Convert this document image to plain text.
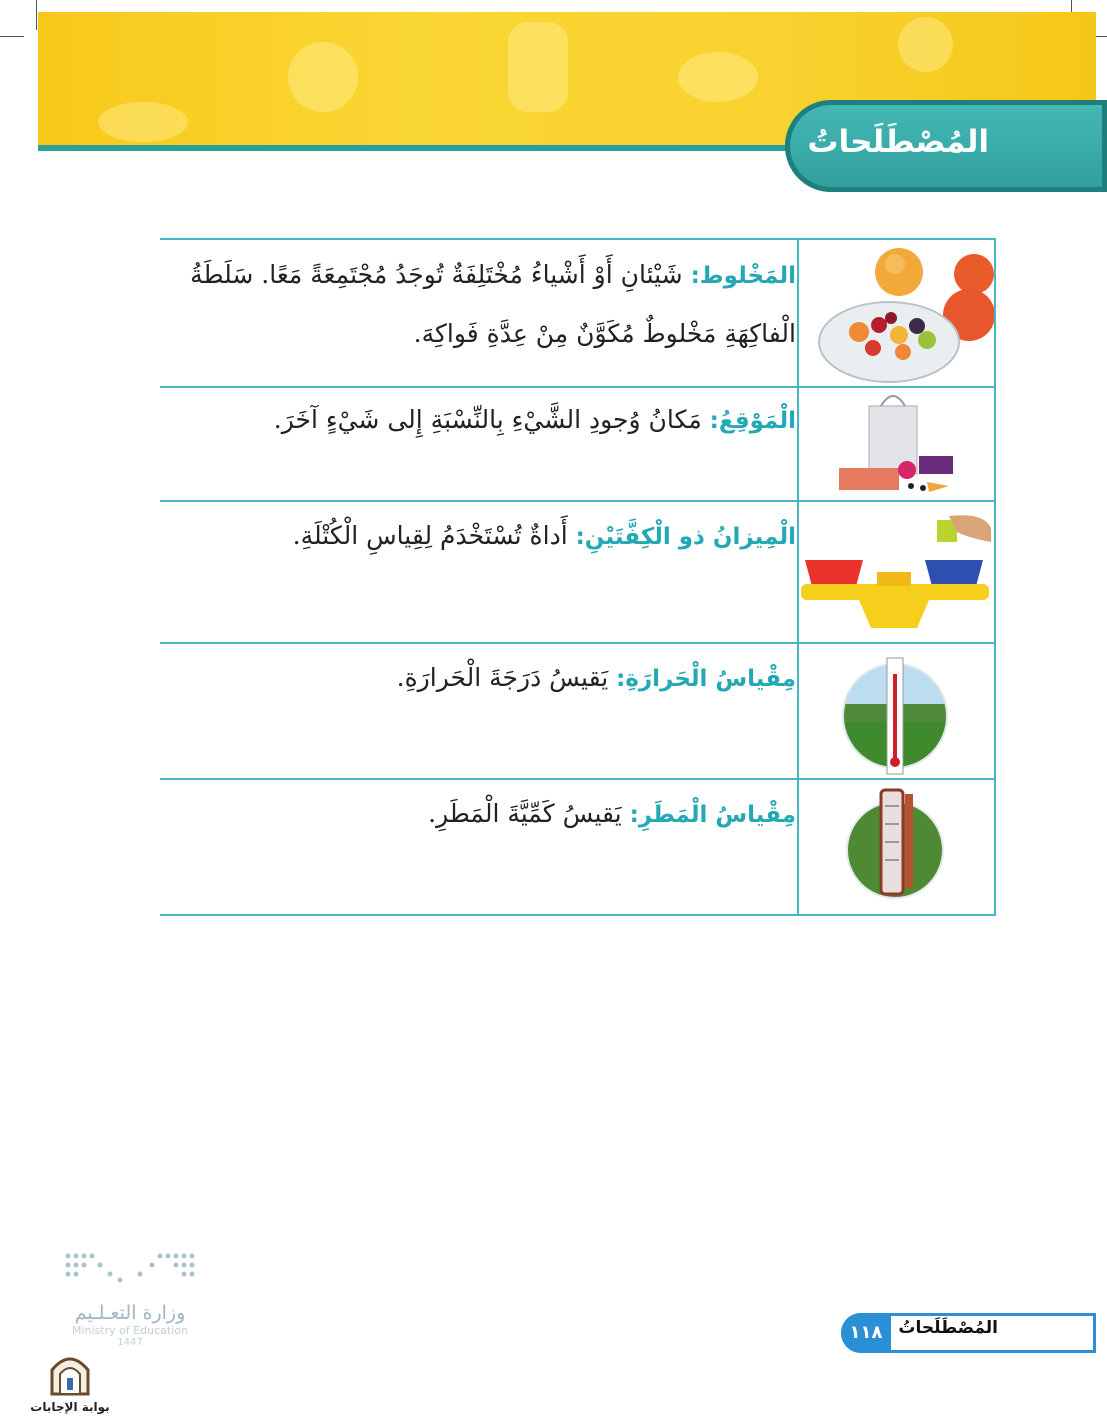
المُصْطَلَحاتُ
المَخْلوط: شَيْئانِ أَوْ أَشْياءُ مُخْتَلِفَةٌ تُوجَدُ مُجْتَمِعَةً مَعًا. سَلَطَةُ الْفاكِهَةِ مَخْلوطٌ مُكَوَّنٌ مِنْ عِدَّةِ فَواكِهَ.
الْمَوْقِعُ: مَكانُ وُجودِ الشَّيْءِ بِالنِّسْبَةِ إِلى شَيْءٍ آخَرَ.
الْمِيزانُ ذو الْكِفَّتَيْنِ: أَداةٌ تُسْتَخْدَمُ لِقِياسِ الْكُتْلَةِ.
مِقْياسُ الْحَرارَةِ: يَقيسُ دَرَجَةَ الْحَرارَةِ.
مِقْياسُ الْمَطَرِ: يَقيسُ كَمِّيَّةَ الْمَطَرِ.
وزارة التعـلـيم
Ministry of Education
1447
بوابة الإجابات
١١٨ المُصْطَلَحاتُ
